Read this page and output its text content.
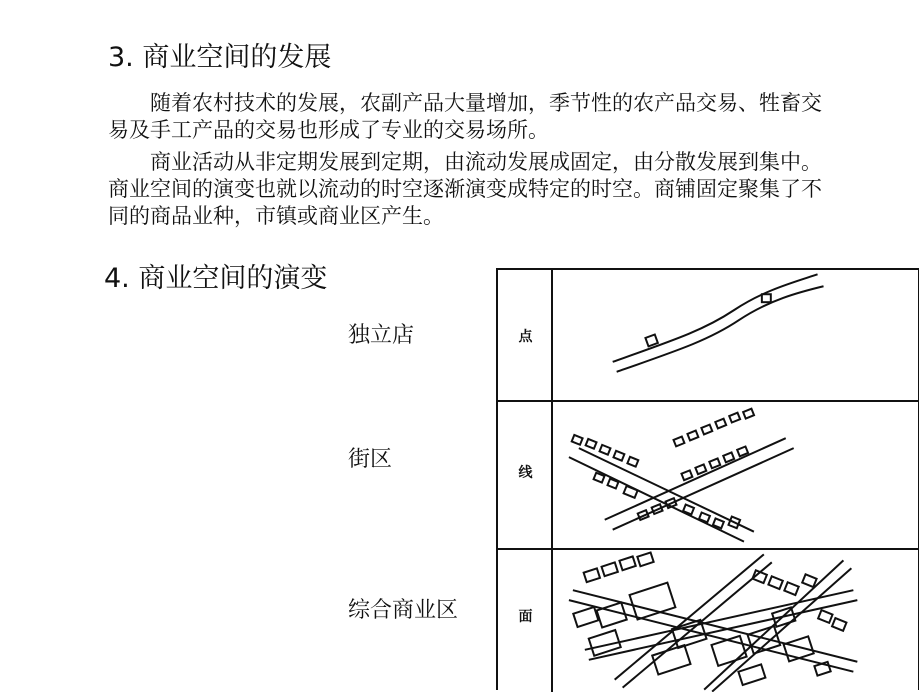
3. 商业空间的发展

随着农村技术的发展，农副产品大量增加，季节性的农产品交易、牲畜交易及手工产品的交易也形成了专业的交易场所。

商业活动从非定期发展到定期，由流动发展成固定，由分散发展到集中。商业空间的演变也就以流动的时空逐渐演变成特定的时空。商铺固定聚集了不同的商品业种，市镇或商业区产生。

4. 商业空间的演变
独立店
街区
综合商业区
点
线
面
